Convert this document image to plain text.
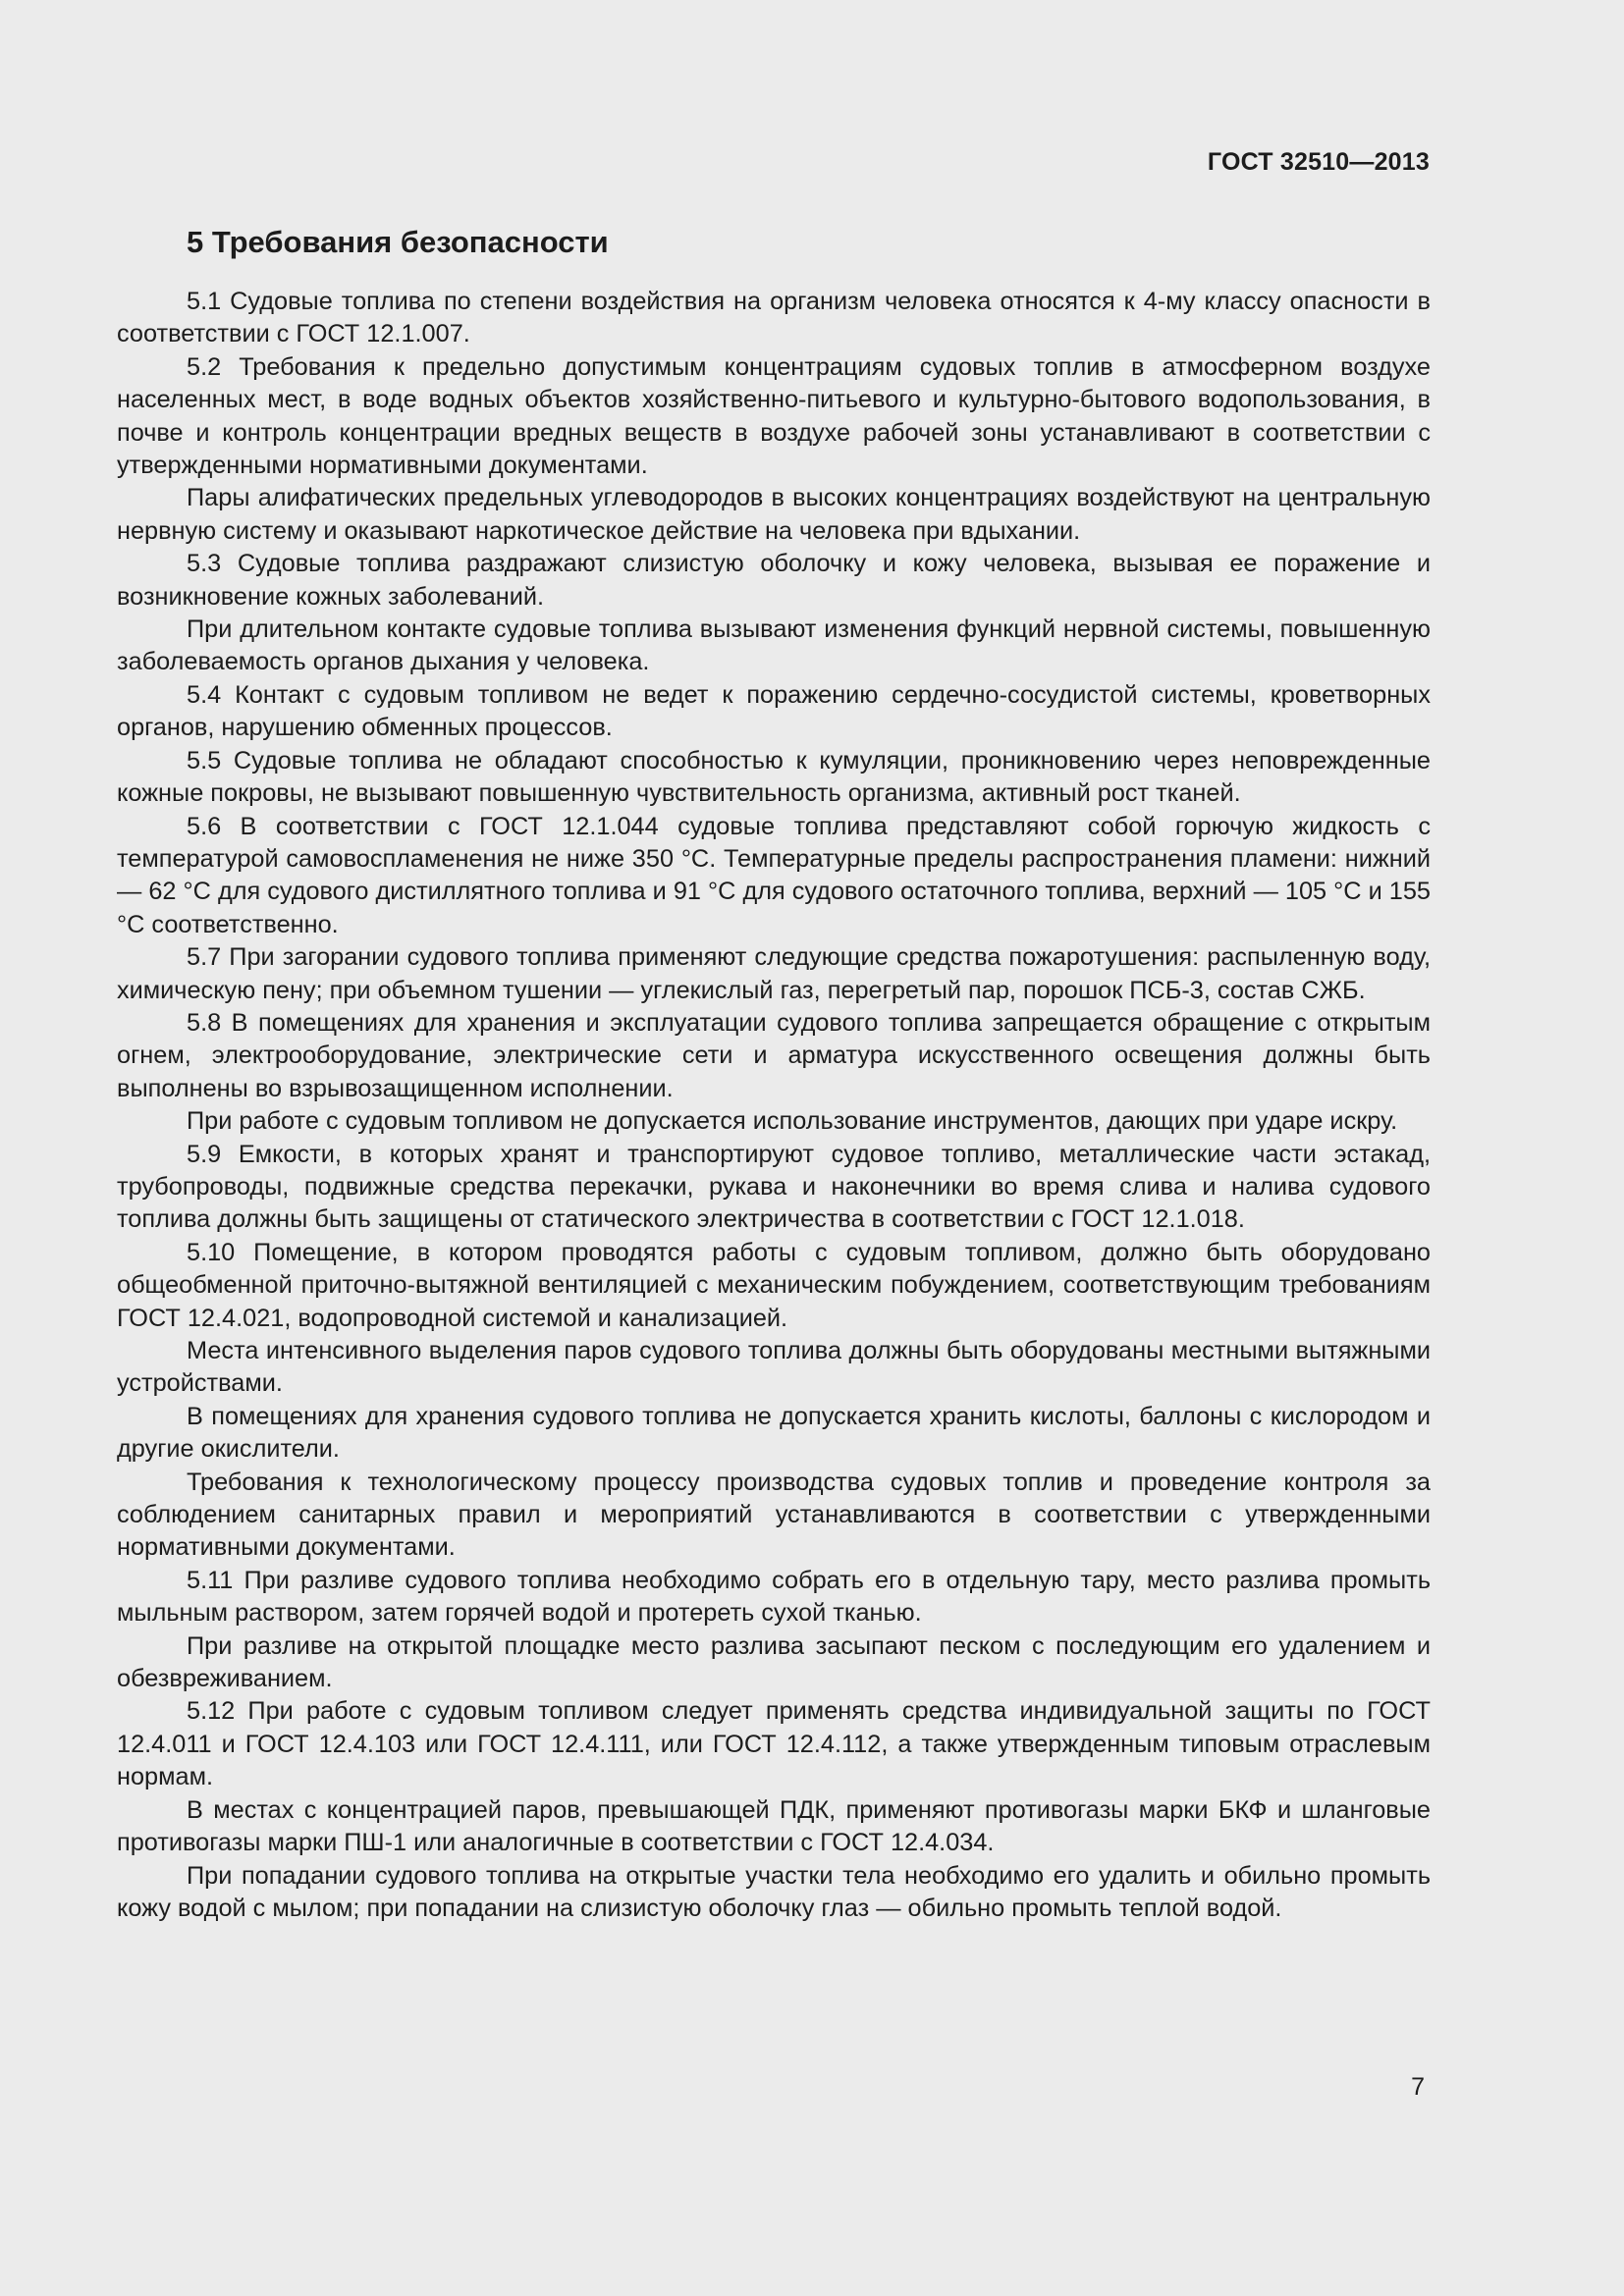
ГОСТ 32510—2013
5 Требования безопасности

5.1 Судовые топлива по степени воздействия на организм человека относятся к 4-му классу опасности в соответствии с ГОСТ 12.1.007.

5.2 Требования к предельно допустимым концентрациям судовых топлив в атмосферном воздухе населенных мест, в воде водных объектов хозяйственно-питьевого и культурно-бытового водопользования, в почве и контроль концентрации вредных веществ в воздухе рабочей зоны устанавливают в соответствии с утвержденными нормативными документами.

Пары алифатических предельных углеводородов в высоких концентрациях воздействуют на центральную нервную систему и оказывают наркотическое действие на человека при вдыхании.

5.3 Судовые топлива раздражают слизистую оболочку и кожу человека, вызывая ее поражение и возникновение кожных заболеваний.

При длительном контакте судовые топлива вызывают изменения функций нервной системы, повышенную заболеваемость органов дыхания у человека.

5.4 Контакт с судовым топливом не ведет к поражению сердечно-сосудистой системы, кроветворных органов, нарушению обменных процессов.

5.5 Судовые топлива не обладают способностью к кумуляции, проникновению через неповрежденные кожные покровы, не вызывают повышенную чувствительность организма, активный рост тканей.

5.6 В соответствии с ГОСТ 12.1.044 судовые топлива представляют собой горючую жидкость с температурой самовоспламенения не ниже 350 °С. Температурные пределы распространения пламени: нижний — 62 °С для судового дистиллятного топлива и 91 °С для судового остаточного топлива, верхний — 105 °С и 155 °С соответственно.

5.7 При загорании судового топлива применяют следующие средства пожаротушения: распыленную воду, химическую пену; при объемном тушении — углекислый газ, перегретый пар, порошок ПСБ-3, состав СЖБ.

5.8 В помещениях для хранения и эксплуатации судового топлива запрещается обращение с открытым огнем, электрооборудование, электрические сети и арматура искусственного освещения должны быть выполнены во взрывозащищенном исполнении.

При работе с судовым топливом не допускается использование инструментов, дающих при ударе искру.

5.9 Емкости, в которых хранят и транспортируют судовое топливо, металлические части эстакад, трубопроводы, подвижные средства перекачки, рукава и наконечники во время слива и налива судового топлива должны быть защищены от статического электричества в соответствии с ГОСТ 12.1.018.

5.10 Помещение, в котором проводятся работы с судовым топливом, должно быть оборудовано общеобменной приточно-вытяжной вентиляцией с механическим побуждением, соответствующим требованиям ГОСТ 12.4.021, водопроводной системой и канализацией.

Места интенсивного выделения паров судового топлива должны быть оборудованы местными вытяжными устройствами.

В помещениях для хранения судового топлива не допускается хранить кислоты, баллоны с кислородом и другие окислители.

Требования к технологическому процессу производства судовых топлив и проведение контроля за соблюдением санитарных правил и мероприятий устанавливаются в соответствии с утвержденными нормативными документами.

5.11 При разливе судового топлива необходимо собрать его в отдельную тару, место разлива промыть мыльным раствором, затем горячей водой и протереть сухой тканью.

При разливе на открытой площадке место разлива засыпают песком с последующим его удалением и обезвреживанием.

5.12 При работе с судовым топливом следует применять средства индивидуальной защиты по ГОСТ 12.4.011 и ГОСТ 12.4.103 или ГОСТ 12.4.111, или ГОСТ 12.4.112, а также утвержденным типовым отраслевым нормам.

В местах с концентрацией паров, превышающей ПДК, применяют противогазы марки БКФ и шланговые противогазы марки ПШ-1 или аналогичные в соответствии с ГОСТ 12.4.034.

При попадании судового топлива на открытые участки тела необходимо его удалить и обильно промыть кожу водой с мылом; при попадании на слизистую оболочку глаз — обильно промыть теплой водой.

7
